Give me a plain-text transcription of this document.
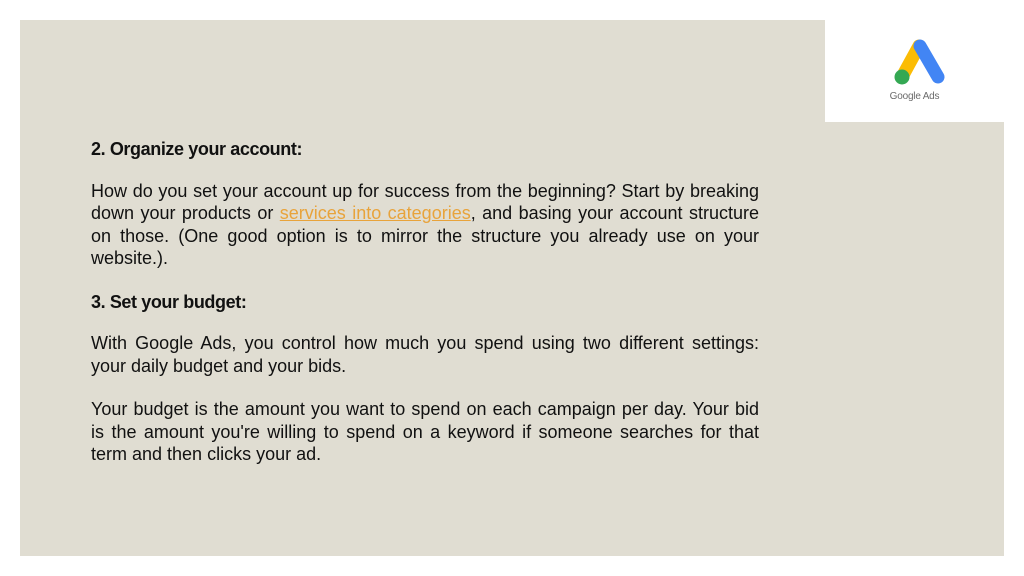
Google Ads
2. Organize your account:
How do you set your account up for success from the beginning? Start by breaking down your products or services into categories, and basing your account structure on those. (One good option is to mirror the structure you already use on your website.).
3. Set your budget:
With Google Ads, you control how much you spend using two different settings: your daily budget and your bids.
Your budget is the amount you want to spend on each campaign per day. Your bid is the amount you're willing to spend on a keyword if someone searches for that term and then clicks your ad.
